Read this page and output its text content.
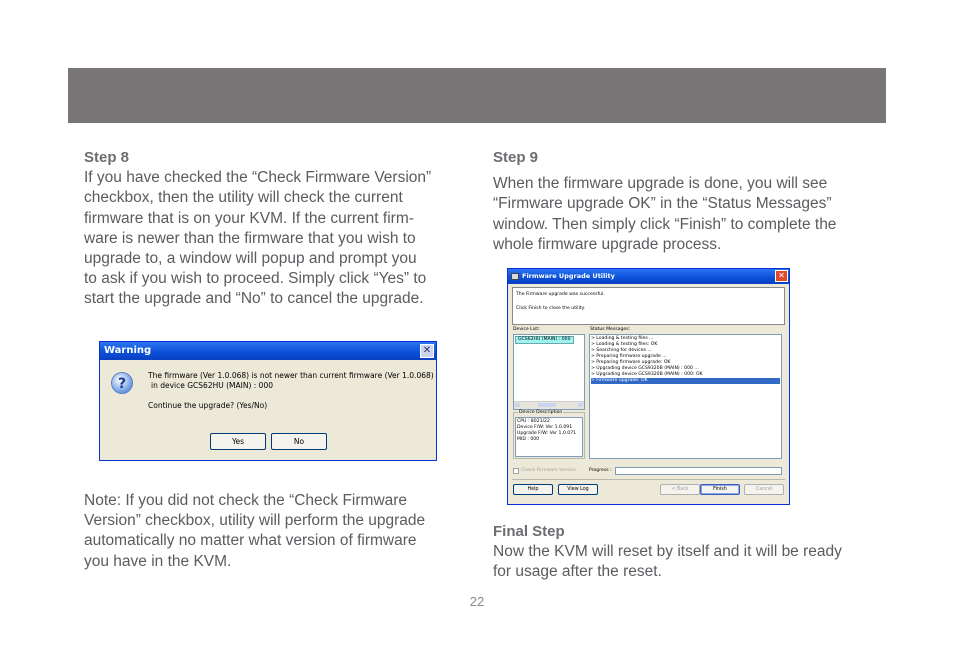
Step 8
If you have checked the “Check Firmware Version”
checkbox, then the utility will check the current
firmware that is on your KVM. If the current firm-
ware is newer than the firmware that you wish to
upgrade to, a window will popup and prompt you
to ask if you wish to proceed. Simply click “Yes” to
start the upgrade and “No” to cancel the upgrade.
Warning	✕
?
The firmware (Ver 1.0.068) is not newer than current firmware (Ver 1.0.068)
in device GCS62HU (MAIN) : 000
Continue the upgrade? (Yes/No)
Yes	No
Note: If you did not check the “Check Firmware
Version” checkbox, utility will perform the upgrade
automatically no matter what version of firmware
you have in the KVM.
Step 9
When the firmware upgrade is done, you will see
“Firmware upgrade OK” in the “Status Messages”
window. Then simply click “Finish” to complete the
whole firmware upgrade process.
Firmware Upgrade Utility	✕
The Firmware upgrade was successful.
Click Finish to close the utility.
Device List:
GCS62HU (MAIN) : 000
Status Messages:
> Loading & testing files ...
> Loading & testing files: OK
> Searching for devices ...
> Preparing firmware upgrade ...
> Preparing firmware upgrade: OK
> Upgrading device GCS9320B (MAIN) : 000 ...
> Upgrading device GCS9320B (MAIN) : 000: OK
> Firmware upgrade: OK
Device Description
CPU : 8021/22
Device F/W: Ver 1.0.091
Upgrade F/W: Ver 1.0.071
MID : 000
Check Firmware Version	Progress :
Help	View Log	< Back	Finish	Cancel
Final Step
Now the KVM will reset by itself and it will be ready
for usage after the reset.
22
